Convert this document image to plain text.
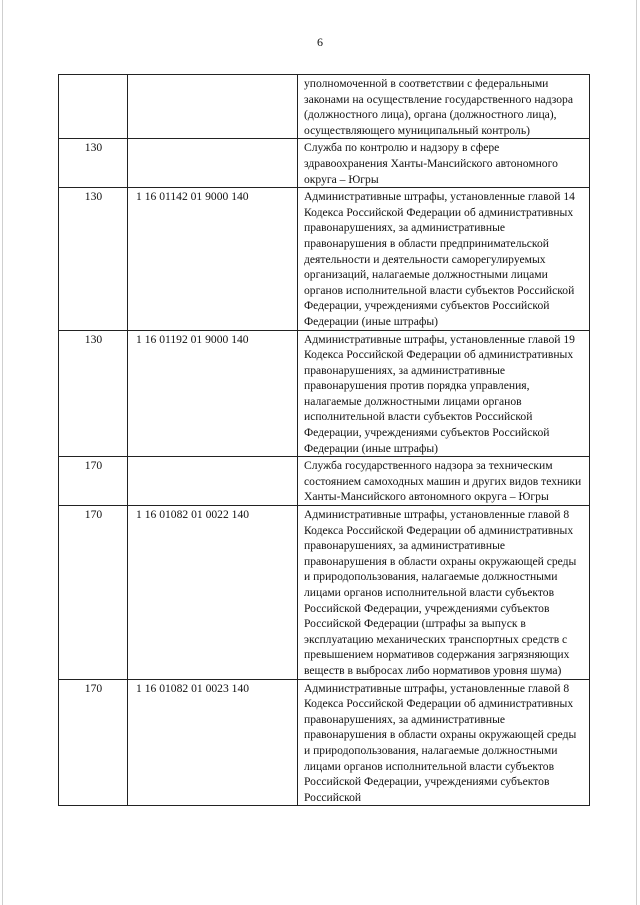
6
		уполномоченной в соответствии с федеральными законами на осуществление государственного надзора (должностного лица), органа (должностного лица), осуществляющего муниципальный контроль)
130		Служба по контролю и надзору в сфере здравоохранения Ханты-Мансийского автономного округа – Югры
130	1 16 01142 01 9000 140	Административные штрафы, установленные главой 14 Кодекса Российской Федерации об административных правонарушениях, за административные правонарушения в области предпринимательской деятельности и деятельности саморегулируемых организаций, налагаемые должностными лицами органов исполнительной власти субъектов Российской Федерации, учреждениями субъектов Российской Федерации (иные штрафы)
130	1 16 01192 01 9000 140	Административные штрафы, установленные главой 19 Кодекса Российской Федерации об административных правонарушениях, за административные правонарушения против порядка управления, налагаемые должностными лицами органов исполнительной власти субъектов Российской Федерации, учреждениями субъектов Российской Федерации (иные штрафы)
170		Служба государственного надзора за техническим состоянием самоходных машин и других видов техники Ханты-Мансийского автономного округа – Югры
170	1 16 01082 01 0022 140	Административные штрафы, установленные главой 8 Кодекса Российской Федерации об административных правонарушениях, за административные правонарушения в области охраны окружающей среды и природопользования, налагаемые должностными лицами органов исполнительной власти субъектов Российской Федерации, учреждениями субъектов Российской Федерации (штрафы за выпуск в эксплуатацию механических транспортных средств с превышением нормативов содержания загрязняющих веществ в выбросах либо нормативов уровня шума)
170	1 16 01082 01 0023 140	Административные штрафы, установленные главой 8 Кодекса Российской Федерации об административных правонарушениях, за административные правонарушения в области охраны окружающей среды и природопользования, налагаемые должностными лицами органов исполнительной власти субъектов Российской Федерации, учреждениями субъектов Российской
